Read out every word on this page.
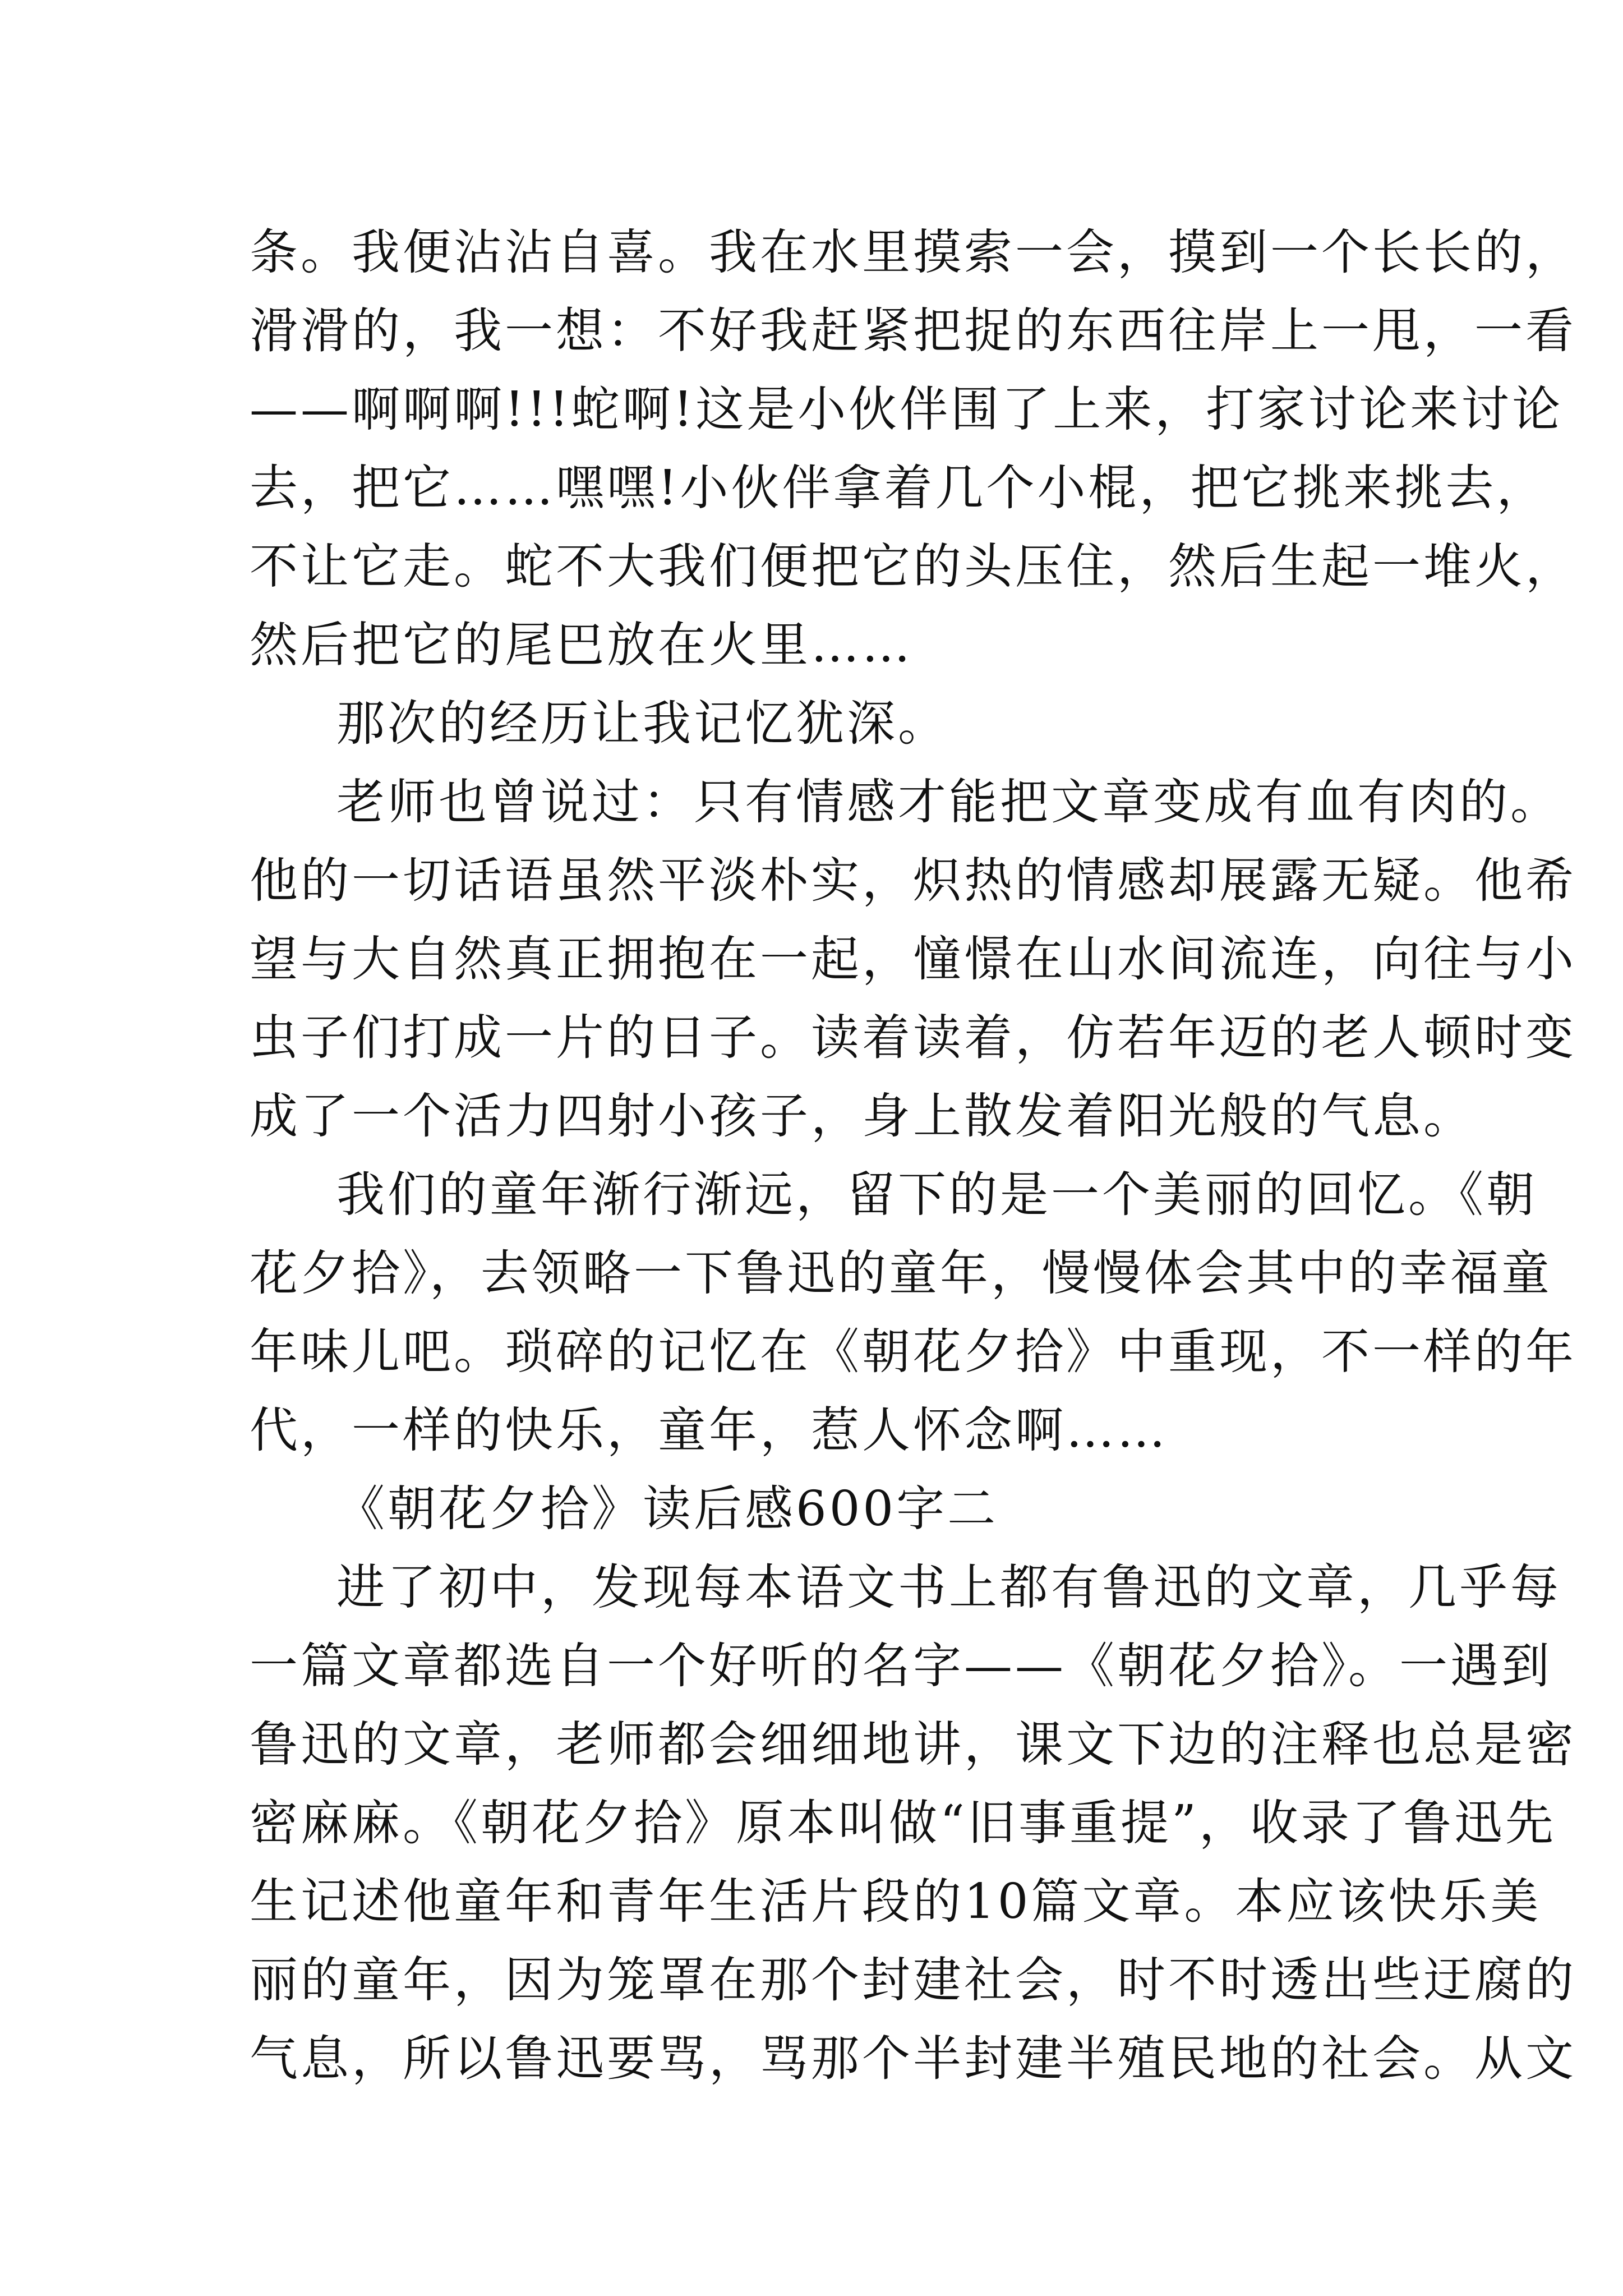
条。我便沾沾自喜。我在水里摸索一会，摸到一个长长的，
滑滑的，我一想：不好我赶紧把捉的东西往岸上一甩，一看
——啊啊啊!!!蛇啊!这是小伙伴围了上来，打家讨论来讨论
去，把它……嘿嘿!小伙伴拿着几个小棍，把它挑来挑去，
不让它走。蛇不大我们便把它的头压住，然后生起一堆火，
然后把它的尾巴放在火里……
那次的经历让我记忆犹深。
老师也曾说过：只有情感才能把文章变成有血有肉的。
他的一切话语虽然平淡朴实，炽热的情感却展露无疑。他希
望与大自然真正拥抱在一起，憧憬在山水间流连，向往与小
虫子们打成一片的日子。读着读着，仿若年迈的老人顿时变
成了一个活力四射小孩子，身上散发着阳光般的气息。
我们的童年渐行渐远，留下的是一个美丽的回忆。《朝
花夕拾》，去领略一下鲁迅的童年，慢慢体会其中的幸福童
年味儿吧。琐碎的记忆在《朝花夕拾》中重现，不一样的年
代，一样的快乐，童年，惹人怀念啊……
《朝花夕拾》读后感600字二
进了初中，发现每本语文书上都有鲁迅的文章，几乎每
一篇文章都选自一个好听的名字——《朝花夕拾》。一遇到
鲁迅的文章，老师都会细细地讲，课文下边的注释也总是密
密麻麻。《朝花夕拾》原本叫做“旧事重提”，收录了鲁迅先
生记述他童年和青年生活片段的10篇文章。本应该快乐美
丽的童年，因为笼罩在那个封建社会，时不时透出些迂腐的
气息，所以鲁迅要骂，骂那个半封建半殖民地的社会。从文
